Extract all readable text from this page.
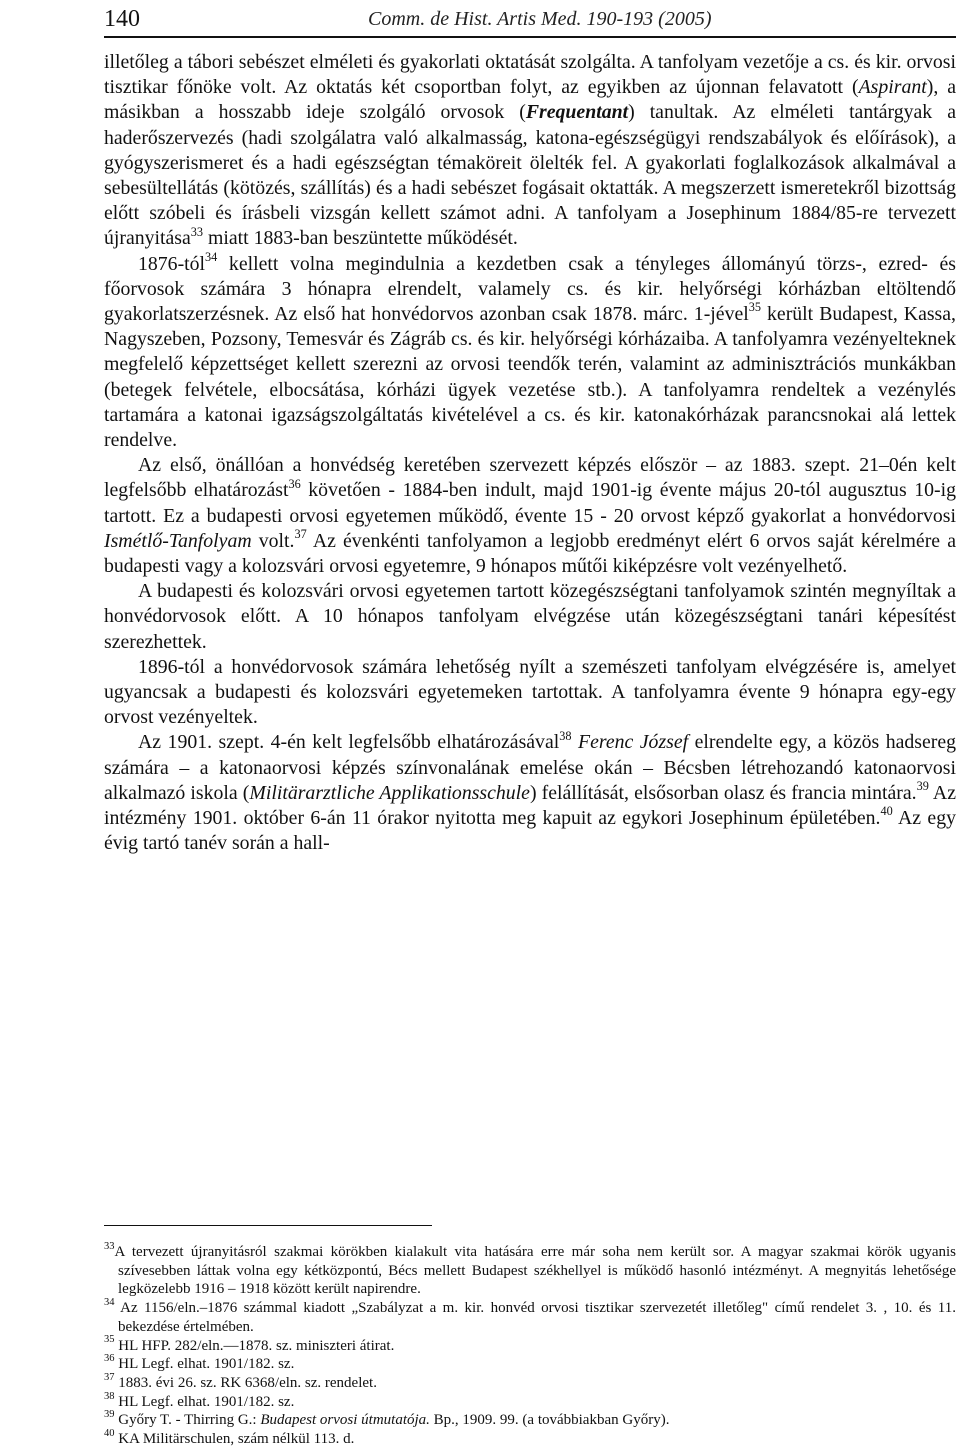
140	Comm. de Hist. Artis Med. 190-193 (2005)

illetőleg a tábori sebészet elméleti és gyakorlati oktatását szolgálta. A tanfolyam vezetője a cs. és kir. orvosi tisztikar főnöke volt. Az oktatás két csoportban folyt, az egyikben az újonnan felavatott (Aspirant), a másikban a hosszabb ideje szolgáló orvosok (Frequentant) tanultak. Az elméleti tantárgyak a haderőszervezés (hadi szolgálatra való alkalmasság, katona-egészségügyi rendszabályok és előírások), a gyógyszerismeret és a hadi egészségtan témaköreit ölelték fel. A gyakorlati foglalkozások alkalmával a sebesültellátás (kötözés, szállítás) és a hadi sebészet fogásait oktatták. A megszerzett ismeretekről bizottság előtt szóbeli és írásbeli vizsgán kellett számot adni. A tanfolyam a Josephinum 1884/85-re tervezett újranyitása$^{33}$ miatt 1883-ban beszüntette működését.

1876-tól$^{34}$ kellett volna megindulnia a kezdetben csak a tényleges állományú törzs-, ezred- és főorvosok számára 3 hónapra elrendelt, valamely cs. és kir. helyőrségi kórházban eltöltendő gyakorlatszerzésnek. Az első hat honvédorvos azonban csak 1878. márc. 1-jével$^{35}$ került Budapest, Kassa, Nagyszeben, Pozsony, Temesvár és Zágráb cs. és kir. helyőrségi kórházaiba. A tanfolyamra vezényelteknek megfelelő képzettséget kellett szerezni az orvosi teendők terén, valamint az adminisztrációs munkákban (betegek felvétele, elbocsátása, kórházi ügyek vezetése stb.). A tanfolyamra rendeltek a vezénylés tartamára a katonai igazságszolgáltatás kivételével a cs. és kir. katonakórházak parancsnokai alá lettek rendelve.

Az első, önállóan a honvédség keretében szervezett képzés először – az 1883. szept. 21–0én kelt legfelsőbb elhatározást$^{36}$ követően - 1884-ben indult, majd 1901-ig évente május 20-tól augusztus 10-ig tartott. Ez a budapesti orvosi egyetemen működő, évente 15 - 20 orvost képző gyakorlat a honvédorvosi Ismétlő-Tanfolyam volt.$^{37}$ Az évenkénti tanfolyamon a legjobb eredményt elért 6 orvos saját kérelmére a budapesti vagy a kolozsvári orvosi egyetemre, 9 hónapos műtői kiképzésre volt vezényelhető.

A budapesti és kolozsvári orvosi egyetemen tartott közegészségtani tanfolyamok szintén megnyíltak a honvédorvosok előtt. A 10 hónapos tanfolyam elvégzése után közegészségtani tanári képesítést szerezhettek.

1896-tól a honvédorvosok számára lehetőség nyílt a szemészeti tanfolyam elvégzésére is, amelyet ugyancsak a budapesti és kolozsvári egyetemeken tartottak. A tanfolyamra évente 9 hónapra egy-egy orvost vezényeltek.

Az 1901. szept. 4-én kelt legfelsőbb elhatározásával$^{38}$ Ferenc József elrendelte egy, a közös hadsereg számára – a katonaorvosi képzés színvonalának emelése okán – Bécsben létrehozandó katonaorvosi alkalmazó iskola (Militärarztliche Applikationsschule) felállítását, elsősorban olasz és francia mintára.$^{39}$ Az intézmény 1901. október 6-án 11 órakor nyitotta meg kapuit az egykori Josephinum épületében.$^{40}$ Az egy évig tartó tanév során a hall-

$^{33}$A tervezett újranyitásról szakmai körökben kialakult vita hatására erre már soha nem került sor. A magyar szakmai körök ugyanis szívesebben láttak volna egy kétközpontú, Bécs mellett Budapest székhellyel is működő hasonló intézményt. A megnyitás lehetősége legközelebb 1916 – 1918 között került napirendre.

$^{34}$ Az 1156/eln.–1876 számmal kiadott „Szabályzat a m. kir. honvéd orvosi tisztikar szervezetét illetőleg" című rendelet 3. , 10. és 11. bekezdése értelmében.

$^{35}$ HL HFP. 282/eln.—1878. sz. miniszteri átirat.

$^{36}$ HL Legf. elhat. 1901/182. sz.

$^{37}$ 1883. évi 26. sz. RK 6368/eln. sz. rendelet.

$^{38}$ HL Legf. elhat. 1901/182. sz.

$^{39}$ Győry T. - Thirring G.: Budapest orvosi útmutatója. Bp., 1909. 99. (a továbbiakban Győry).

$^{40}$ KA Militärschulen, szám nélkül 113. d.
